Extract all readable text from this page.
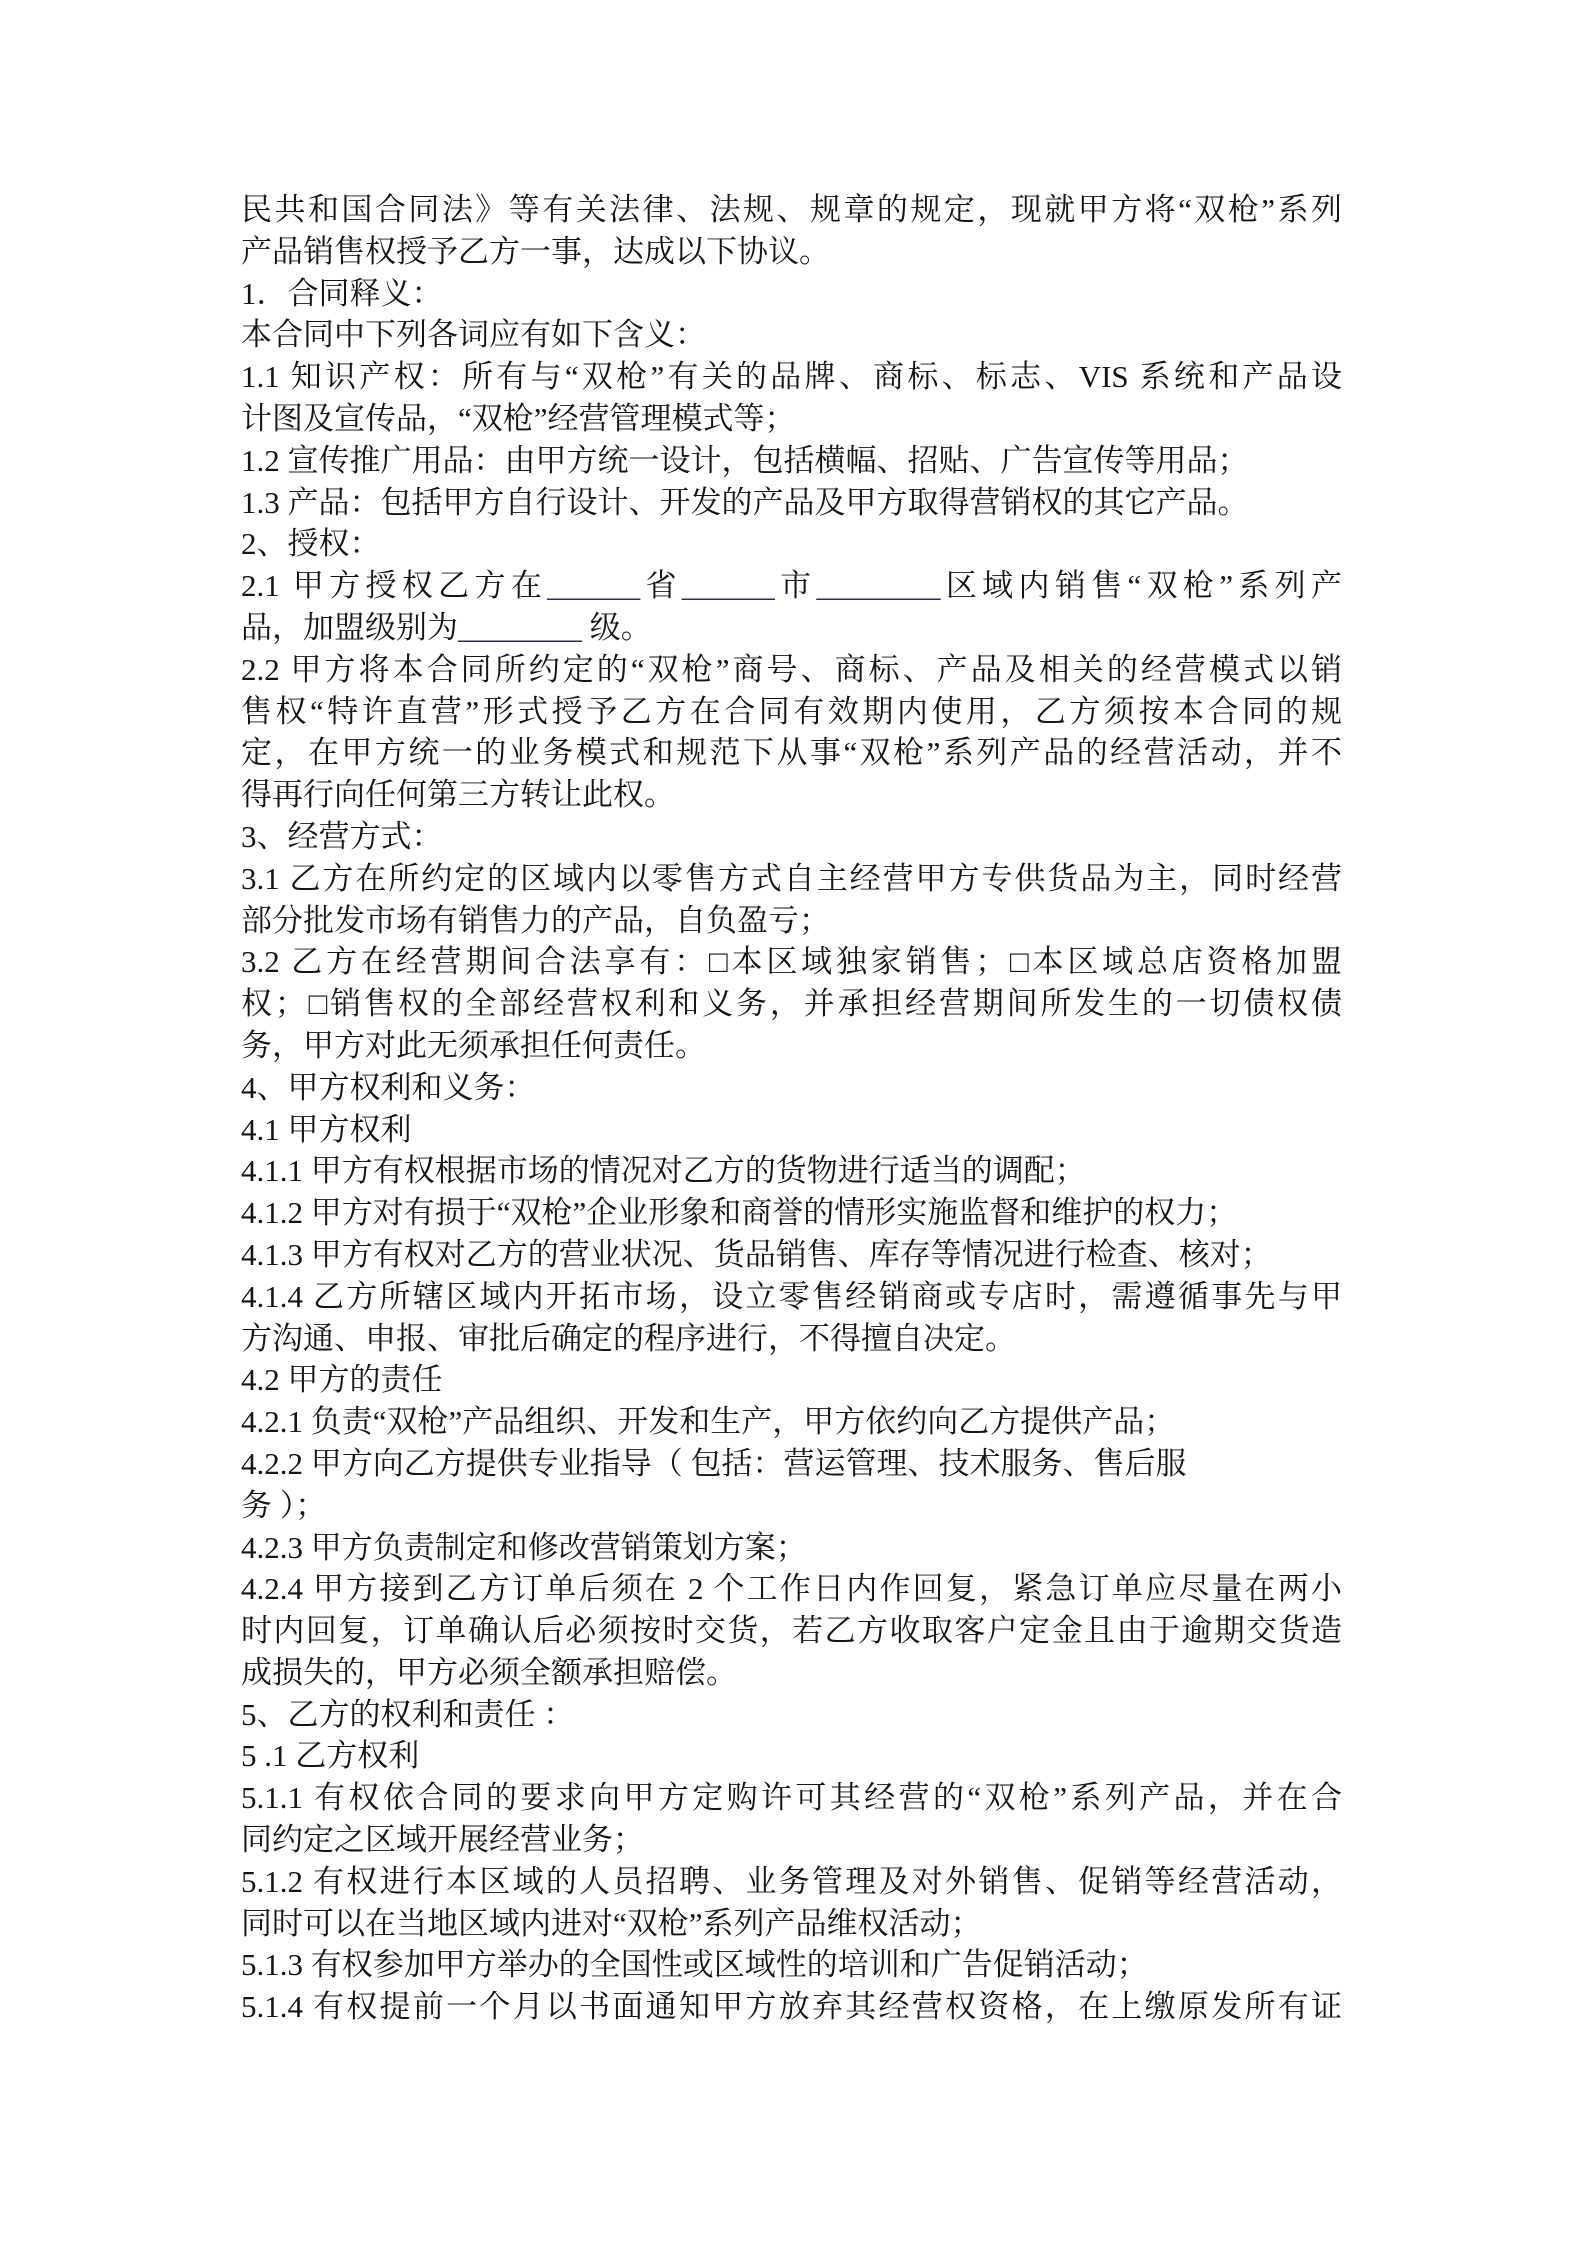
民共和国合同法》等有关法律、法规、规章的规定，现就甲方将“双枪”系列
产品销售权授予乙方一事，达成以下协议。
1．合同释义：
本合同中下列各词应有如下含义：
1.1 知识产权：所有与“双枪”有关的品牌、商标、标志、VIS 系统和产品设
计图及宣传品，“双枪”经营管理模式等；
1.2 宣传推广用品：由甲方统一设计，包括横幅、招贴、广告宣传等用品；
1.3 产品：包括甲方自行设计、开发的产品及甲方取得营销权的其它产品。
2、授权：
2.1 甲方授权乙方在______省______市________区域内销售“双枪”系列产
品，加盟级别为________ 级。
2.2 甲方将本合同所约定的“双枪”商号、商标、产品及相关的经营模式以销
售权“特许直营”形式授予乙方在合同有效期内使用，乙方须按本合同的规
定，在甲方统一的业务模式和规范下从事“双枪”系列产品的经营活动，并不
得再行向任何第三方转让此权。
3、经营方式：
3.1 乙方在所约定的区域内以零售方式自主经营甲方专供货品为主，同时经营
部分批发市场有销售力的产品，自负盈亏；
3.2 乙方在经营期间合法享有：□本区域独家销售；□本区域总店资格加盟
权；□销售权的全部经营权利和义务，并承担经营期间所发生的一切债权债
务，甲方对此无须承担任何责任。
4、甲方权利和义务：
4.1 甲方权利
4.1.1 甲方有权根据市场的情况对乙方的货物进行适当的调配；
4.1.2 甲方对有损于“双枪”企业形象和商誉的情形实施监督和维护的权力；
4.1.3 甲方有权对乙方的营业状况、货品销售、库存等情况进行检查、核对；
4.1.4 乙方所辖区域内开拓市场，设立零售经销商或专店时，需遵循事先与甲
方沟通、申报、审批后确定的程序进行，不得擅自决定。
4.2 甲方的责任
4.2.1 负责“双枪”产品组织、开发和生产，甲方依约向乙方提供产品；
4.2.2 甲方向乙方提供专业指导（ 包括：营运管理、技术服务、售后服
务 ）；
4.2.3 甲方负责制定和修改营销策划方案；
4.2.4 甲方接到乙方订单后须在 2 个工作日内作回复，紧急订单应尽量在两小
时内回复，订单确认后必须按时交货，若乙方收取客户定金且由于逾期交货造
成损失的，甲方必须全额承担赔偿。
5、乙方的权利和责任 ：
5 .1 乙方权利
5.1.1 有权依合同的要求向甲方定购许可其经营的“双枪”系列产品，并在合
同约定之区域开展经营业务；
5.1.2 有权进行本区域的人员招聘、业务管理及对外销售、促销等经营活动，
同时可以在当地区域内进对“双枪”系列产品维权活动；
5.1.3 有权参加甲方举办的全国性或区域性的培训和广告促销活动；
5.1.4 有权提前一个月以书面通知甲方放弃其经营权资格，在上缴原发所有证
